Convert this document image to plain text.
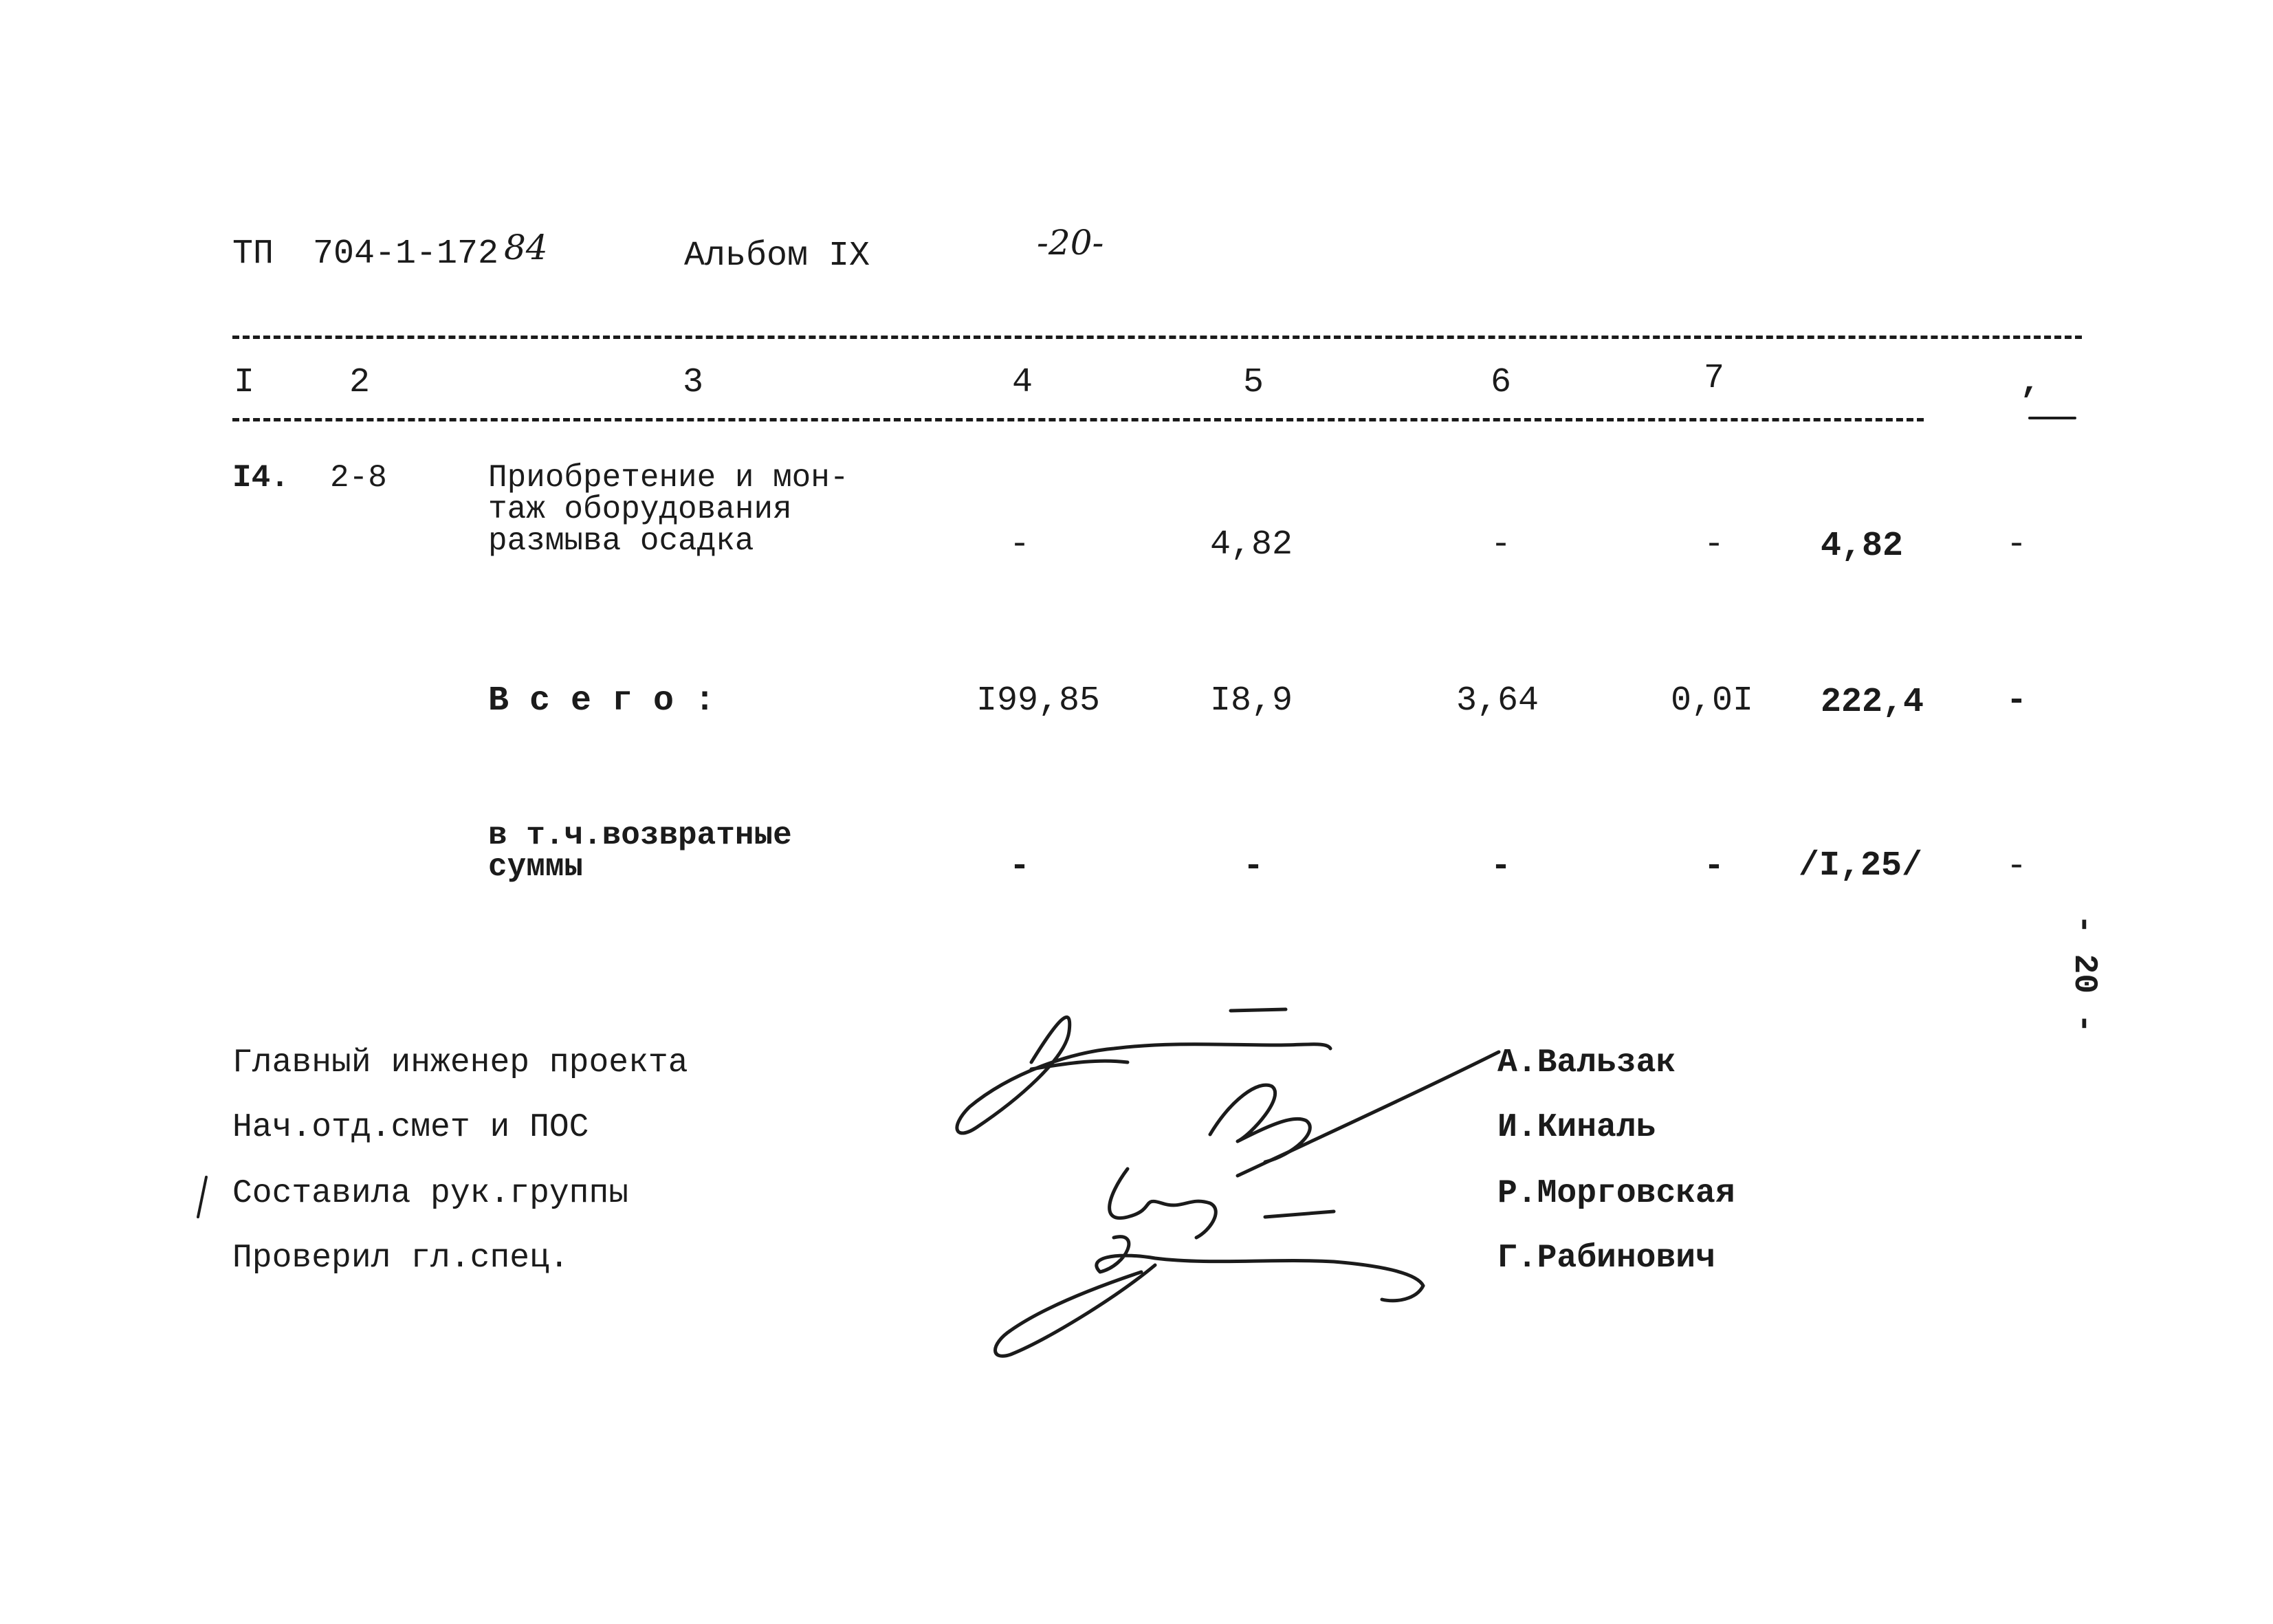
ТП 704-1-172 84	Альбом IX	-20-
I	2	3	4	5	6	7	,
I4. 2-8	Приобретение и мон-
таж оборудования
размыва осадка	-	4,82	-	-	4,82	-
В с е г о :	I99,85	I8,9	3,64	0,0I 222,4 -
в т.ч.возвратные
суммы	-	-	-	- /I,25/ -
- 20 -
Главный инженер проекта
Нач.отд.смет и ПОС
Составила рук.группы
Проверил гл.спец.
А.Вальзак
И.Киналь
Р.Морговская
Г.Рабинович
